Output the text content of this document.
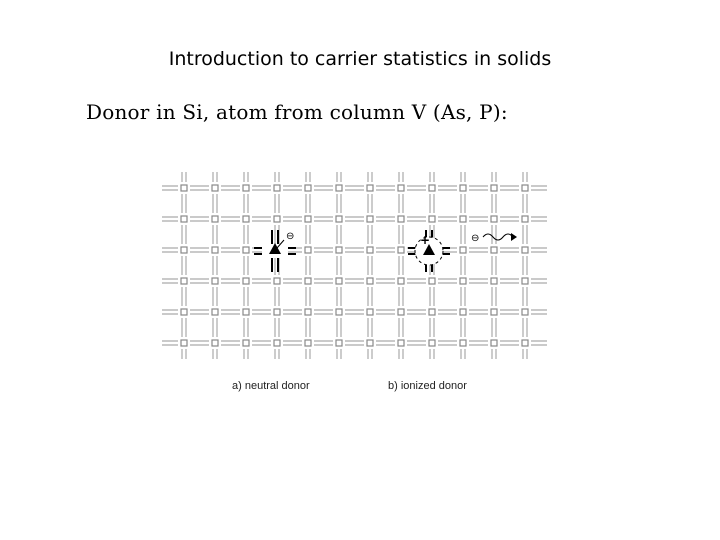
Introduction to carrier statistics in solids
Donor in Si, atom from column V (As, P):
⊖	+	⊖
a) neutral donor	b) ionized donor
